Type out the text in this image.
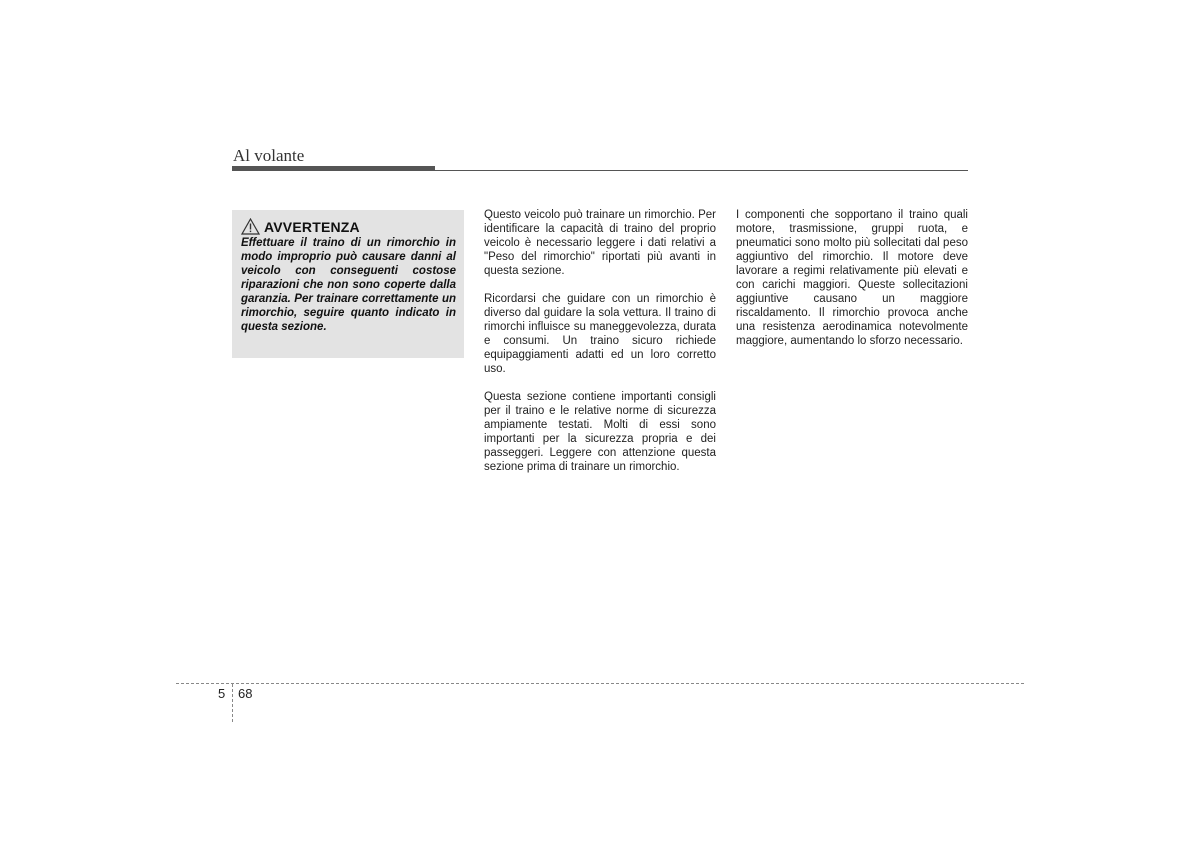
Al volante
AVVERTENZA

Effettuare il traino di un rimorchio in modo improprio può causare danni al veicolo con conseguenti costose riparazioni che non sono coperte dalla garanzia. Per trainare correttamente un rimorchio, seguire quanto indicato in questa sezione.

Questo veicolo può trainare un rimorchio. Per identificare la capacità di traino del proprio veicolo è necessario leggere i dati relativi a "Peso del rimorchio" riportati più avanti in questa sezione.

Ricordarsi che guidare con un rimorchio è diverso dal guidare la sola vettura. Il traino di rimorchi influisce su maneggevolezza, durata e consumi. Un traino sicuro richiede equipaggiamenti adatti ed un loro corretto uso.

Questa sezione contiene importanti consigli per il traino e le relative norme di sicurezza ampiamente testati. Molti di essi sono importanti per la sicurezza propria e dei passeggeri. Leggere con attenzione questa sezione prima di trainare un rimorchio.

I componenti che sopportano il traino quali motore, trasmissione, gruppi ruota, e pneumatici sono molto più sollecitati dal peso aggiuntivo del rimorchio. Il motore deve lavorare a regimi relativamente più elevati e con carichi maggiori. Queste sollecitazioni aggiuntive causano un maggiore riscaldamento. Il rimorchio provoca anche una resistenza aerodinamica notevolmente maggiore, aumentando lo sforzo necessario.

5 68
